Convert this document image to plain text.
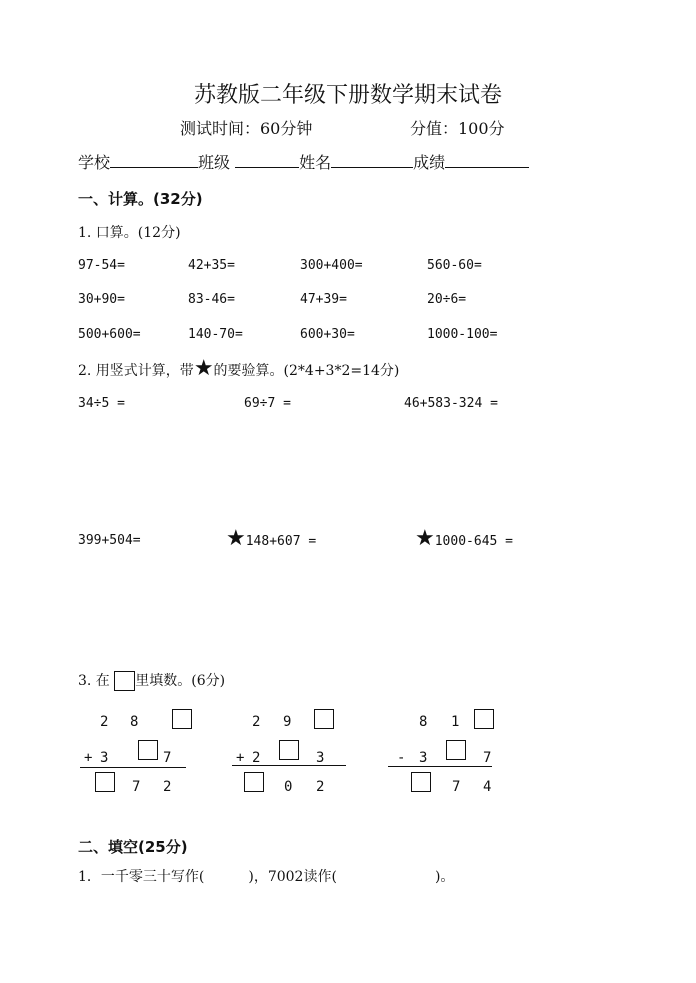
苏教版二年级下册数学期末试卷
测试时间：60分钟	分值：100分
学校	班级	姓名	成绩
一、计算。(32分)
1. 口算。(12分)
97-54=	42+35=	300+400=	560-60=
30+90=	83-46=	47+39=	20÷6=
500+600=	140-70=	600+30=	1000-100=
2. 用竖式计算，带★的要验算。(2*4+3*2=14分)
34÷5 =	69÷7 =	46+583-324 =
399+504=	★148+607 =	★1000-645 =
3. 在 里填数。(6分)
2 8
+ 3	7
7 2
2 9
+ 2	3
0 2
8 1
- 3	7
7 4
二、填空(25分)
1．一千零三十写作(	)，7002读作(	)。
